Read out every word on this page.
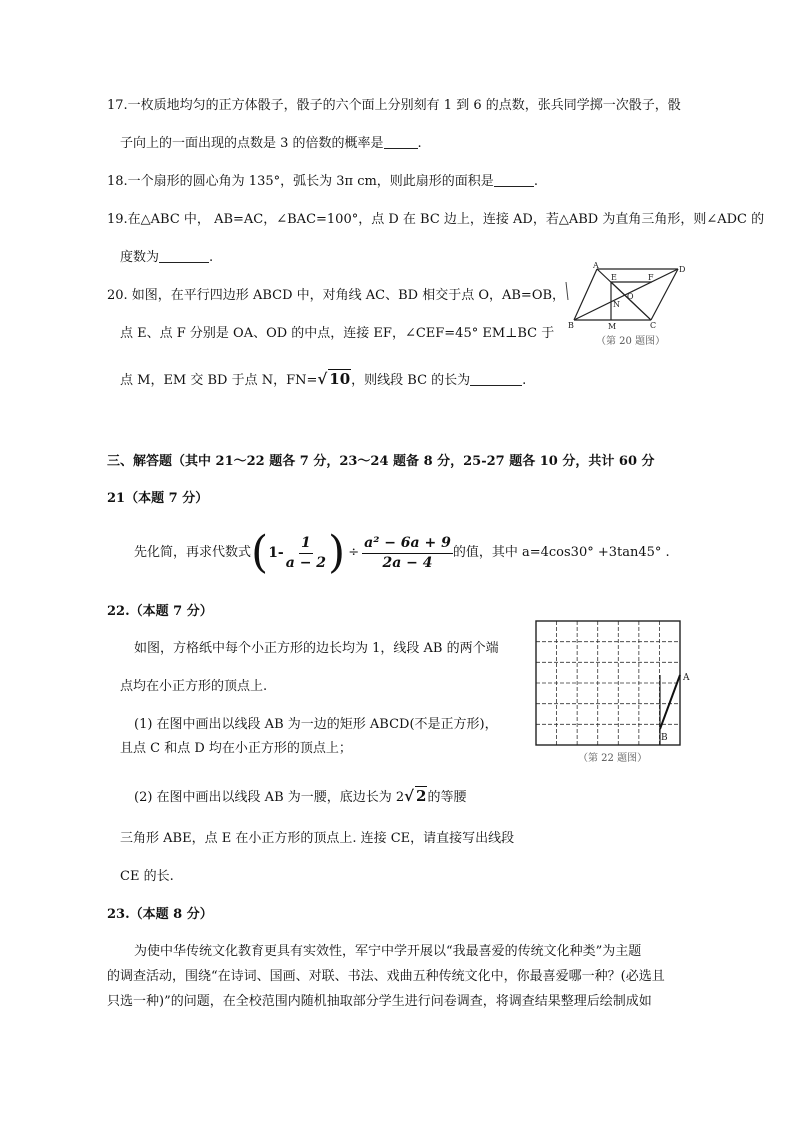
17.一枚质地均匀的正方体骰子，骰子的六个面上分别刻有 1 到 6 的点数，张兵同学掷一次骰子，骰
子向上的一面出现的点数是 3 的倍数的概率是	.
18.一个扇形的圆心角为 135°，弧长为 3π cm，则此扇形的面积是	.
19.在△ABC 中， AB=AC，∠BAC=100°，点 D 在 BC 边上，连接 AD，若△ABD 为直角三角形，则∠ADC 的
度数为	.
20. 如图，在平行四边形 ABCD 中，对角线 AC、BD 相交于点 O，AB=OB，
点 E、点 F 分别是 OA、OD 的中点，连接 EF，∠CEF=45° EM⊥BC 于
点 M，EM 交 BD 于点 N，FN=√ 10，则线段 BC 的长为	.
A	D
E	F
O
N
B	M	C
（第 20 题图）
三、解答题（其中 21～22 题各 7 分，23～24 题备 8 分，25-27 题各 10 分，共计 60 分
21（本题 7 分）
先化简，再求代数式 ( $1- \frac{1}{a - 2}$ ) ÷ $\frac{\text{a² − 6a + 9}}{2a - 4}$ 的值，其中 a=4cos30° +3tan45° .
22.（本题 7 分）
如图，方格纸中每个小正方形的边长均为 1，线段 AB 的两个端
点均在小正方形的顶点上.
(1) 在图中画出以线段 AB 为一边的矩形 ABCD(不是正方形)，
且点 C 和点 D 均在小正方形的顶点上；
(2) 在图中画出以线段 AB 为一腰，底边长为 2√ 2的等腰
三角形 ABE，点 E 在小正方形的顶点上. 连接 CE，请直接写出线段
CE 的长.
A
B
（第 22 题图）
23.（本题 8 分）
为使中华传统文化教育更具有实效性，军宁中学开展以“我最喜爱的传统文化种类”为主题
的调查活动，围绕“在诗词、国画、对联、书法、戏曲五种传统文化中，你最喜爱哪一种？(必选且
只选一种)”的问题，在全校范围内随机抽取部分学生进行问卷调查，将调查结果整理后绘制成如
